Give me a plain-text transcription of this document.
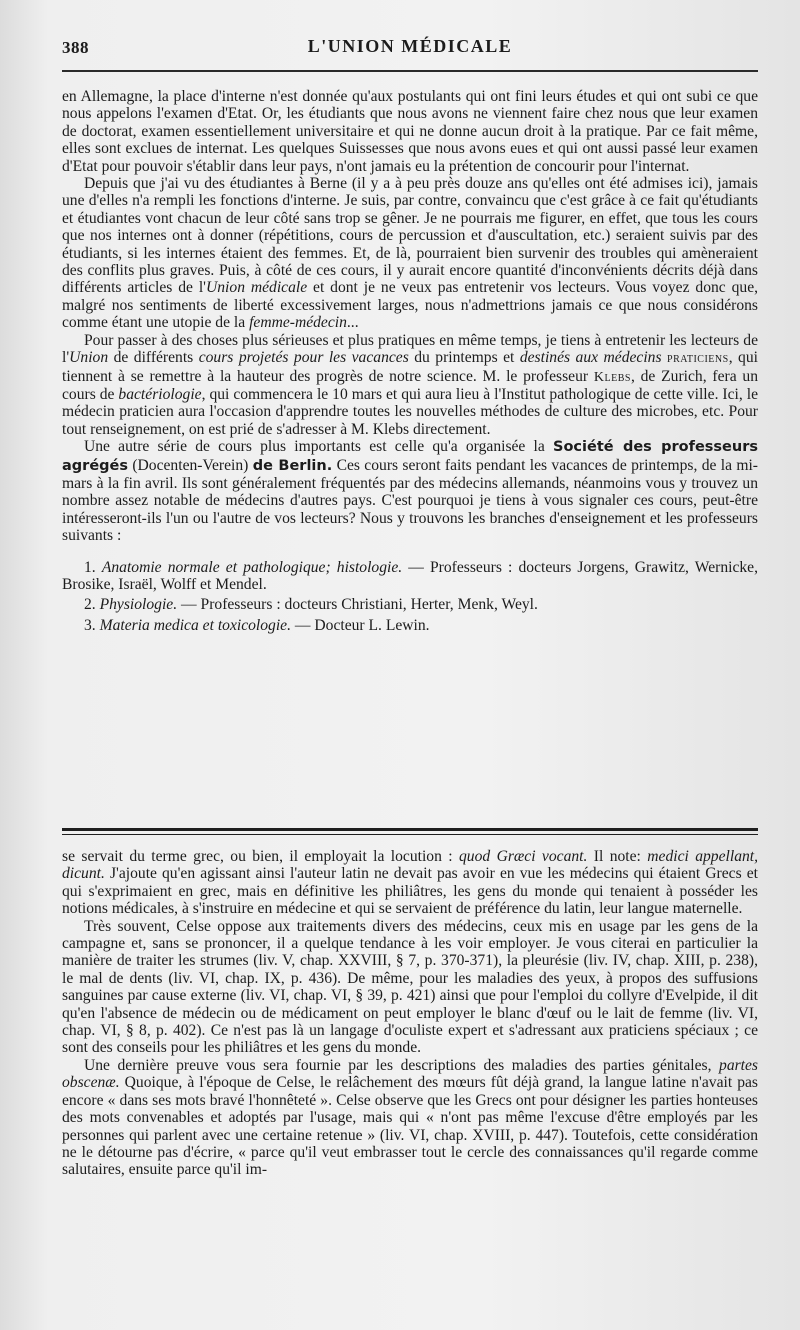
388	L'UNION MÉDICALE

en Allemagne, la place d'interne n'est donnée qu'aux postulants qui ont fini leurs études et qui ont subi ce que nous appelons l'examen d'Etat. Or, les étudiants que nous avons ne viennent faire chez nous que leur examen de doctorat, examen essentiellement universitaire et qui ne donne aucun droit à la pratique. Par ce fait même, elles sont exclues de internat. Les quelques Suissesses que nous avons eues et qui ont aussi passé leur examen d'Etat pour pouvoir s'établir dans leur pays, n'ont jamais eu la prétention de concourir pour l'internat.

Depuis que j'ai vu des étudiantes à Berne (il y a à peu près douze ans qu'elles ont été admises ici), jamais une d'elles n'a rempli les fonctions d'interne. Je suis, par contre, convaincu que c'est grâce à ce fait qu'étudiants et étudiantes vont chacun de leur côté sans trop se gêner. Je ne pourrais me figurer, en effet, que tous les cours que nos internes ont à donner (répétitions, cours de percussion et d'auscultation, etc.) seraient suivis par des étudiants, si les internes étaient des femmes. Et, de là, pourraient bien survenir des troubles qui amèneraient des conflits plus graves. Puis, à côté de ces cours, il y aurait encore quantité d'inconvénients décrits déjà dans différents articles de l'Union médicale et dont je ne veux pas entretenir vos lecteurs. Vous voyez donc que, malgré nos sentiments de liberté excessivement larges, nous n'admettrions jamais ce que nous considérons comme étant une utopie de la femme-médecin...

Pour passer à des choses plus sérieuses et plus pratiques en même temps, je tiens à entretenir les lecteurs de l'Union de différents cours projetés pour les vacances du printemps et destinés aux médecins praticiens, qui tiennent à se remettre à la hauteur des progrès de notre science. M. le professeur Klebs, de Zurich, fera un cours de bactériologie, qui commencera le 10 mars et qui aura lieu à l'Institut pathologique de cette ville. Ici, le médecin praticien aura l'occasion d'apprendre toutes les nouvelles méthodes de culture des microbes, etc. Pour tout renseignement, on est prié de s'adresser à M. Klebs directement.

Une autre série de cours plus importants est celle qu'a organisée la Société des professeurs agrégés (Docenten-Verein) de Berlin. Ces cours seront faits pendant les vacances de printemps, de la mi-mars à la fin avril. Ils sont généralement fréquentés par des médecins allemands, néanmoins vous y trouvez un nombre assez notable de médecins d'autres pays. C'est pourquoi je tiens à vous signaler ces cours, peut-être intéresseront-ils l'un ou l'autre de vos lecteurs? Nous y trouvons les branches d'enseignement et les professeurs suivants :

1. Anatomie normale et pathologique; histologie. — Professeurs : docteurs Jorgens, Grawitz, Wernicke, Brosike, Israël, Wolff et Mendel.

2. Physiologie. — Professeurs : docteurs Christiani, Herter, Menk, Weyl.

3. Materia medica et toxicologie. — Docteur L. Lewin.

se servait du terme grec, ou bien, il employait la locution : quod Græci vocant. Il note: medici appellant, dicunt. J'ajoute qu'en agissant ainsi l'auteur latin ne devait pas avoir en vue les médecins qui étaient Grecs et qui s'exprimaient en grec, mais en définitive les philiâtres, les gens du monde qui tenaient à posséder les notions médicales, à s'instruire en médecine et qui se servaient de préférence du latin, leur langue maternelle.

Très souvent, Celse oppose aux traitements divers des médecins, ceux mis en usage par les gens de la campagne et, sans se prononcer, il a quelque tendance à les voir employer. Je vous citerai en particulier la manière de traiter les strumes (liv. V, chap. XXVIII, § 7, p. 370-371), la pleurésie (liv. IV, chap. XIII, p. 238), le mal de dents (liv. VI, chap. IX, p. 436). De même, pour les maladies des yeux, à propos des suffusions sanguines par cause externe (liv. VI, chap. VI, § 39, p. 421) ainsi que pour l'emploi du collyre d'Evelpide, il dit qu'en l'absence de médecin ou de médicament on peut employer le blanc d'œuf ou le lait de femme (liv. VI, chap. VI, § 8, p. 402). Ce n'est pas là un langage d'oculiste expert et s'adressant aux praticiens spéciaux ; ce sont des conseils pour les philiâtres et les gens du monde.

Une dernière preuve vous sera fournie par les descriptions des maladies des parties génitales, partes obscenæ. Quoique, à l'époque de Celse, le relâchement des mœurs fût déjà grand, la langue latine n'avait pas encore « dans ses mots bravé l'honnêteté ». Celse observe que les Grecs ont pour désigner les parties honteuses des mots convenables et adoptés par l'usage, mais qui « n'ont pas même l'excuse d'être employés par les personnes qui parlent avec une certaine retenue » (liv. VI, chap. XVIII, p. 447). Toutefois, cette considération ne le détourne pas d'écrire, « parce qu'il veut embrasser tout le cercle des connaissances qu'il regarde comme salutaires, ensuite parce qu'il im-
